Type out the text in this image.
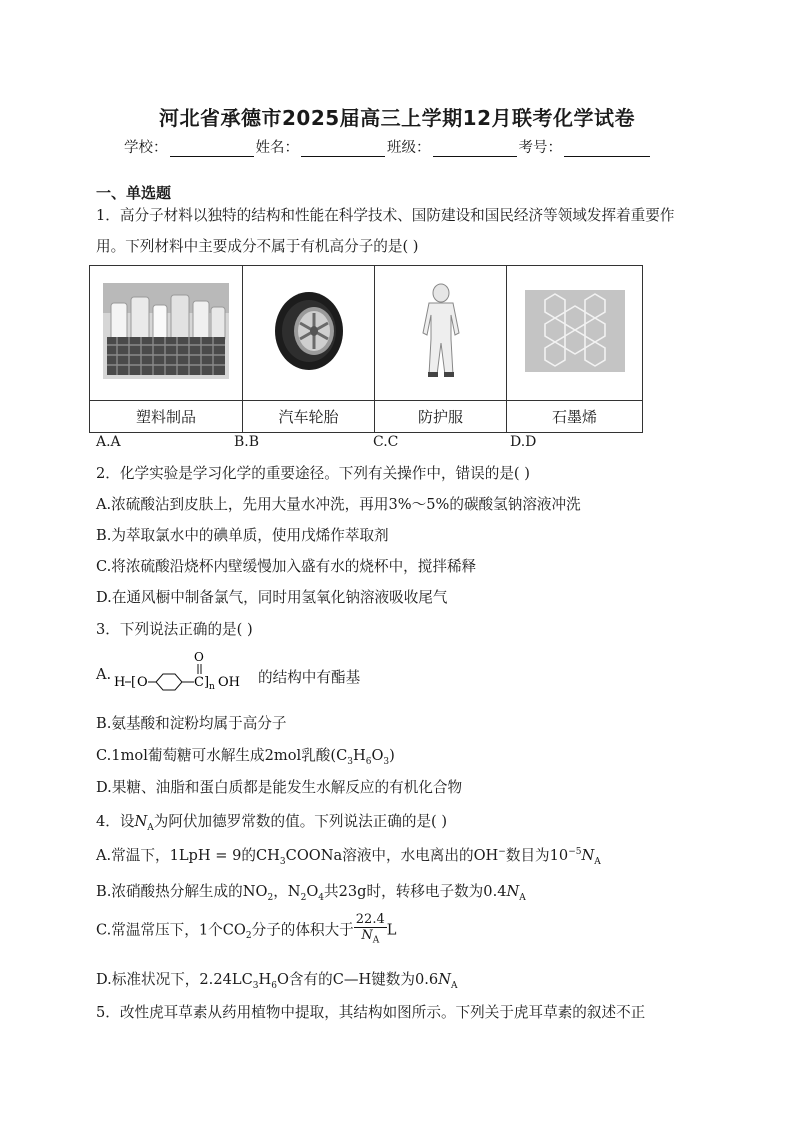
河北省承德市2025届高三上学期12月联考化学试卷
学校：	姓名：	班级：	考号：
一、单选题
1．高分子材料以独特的结构和性能在科学技术、国防建设和国民经济等领域发挥着重要作用。下列材料中主要成分不属于有机高分子的是( )

塑料制品	汽车轮胎	防护服	石墨烯
A.A	B.B	C.C	D.D
2．化学实验是学习化学的重要途径。下列有关操作中，错误的是( )
A.浓硫酸沾到皮肤上，先用大量水冲洗，再用3%～5%的碳酸氢钠溶液冲洗
B.为萃取氯水中的碘单质，使用戊烯作萃取剂
C.将浓硫酸沿烧杯内壁缓慢加入盛有水的烧杯中，搅拌稀释
D.在通风橱中制备氯气，同时用氢氧化钠溶液吸收尾气
3．下列说法正确的是( )
A. H [ O	C
O
] n OH 的结构中有酯基
B.氨基酸和淀粉均属于高分子
C.1mol葡萄糖可水解生成2mol乳酸$(C_3H_6O_3)$
D.果糖、油脂和蛋白质都是能发生水解反应的有机化合物
4．设$N_A$为阿伏加德罗常数的值。下列说法正确的是( )
A.常温下，1LpH = 9的$CH_3COONa$溶液中，水电离出的OH−数目为$10^{-5}N_A$
B.浓硝酸热分解生成的$NO_2$，$N_2O_4$共23g时，转移电子数为$0.4N_A$
C.常温常压下，1个$CO_2$分子的体积大于 $\frac{22.4}{N_A}$ L
D.标准状况下，$2.24LC_3H_6O$含有的C—H键数为$0.6N_A$
5．改性虎耳草素从药用植物中提取，其结构如图所示。下列关于虎耳草素的叙述不正
